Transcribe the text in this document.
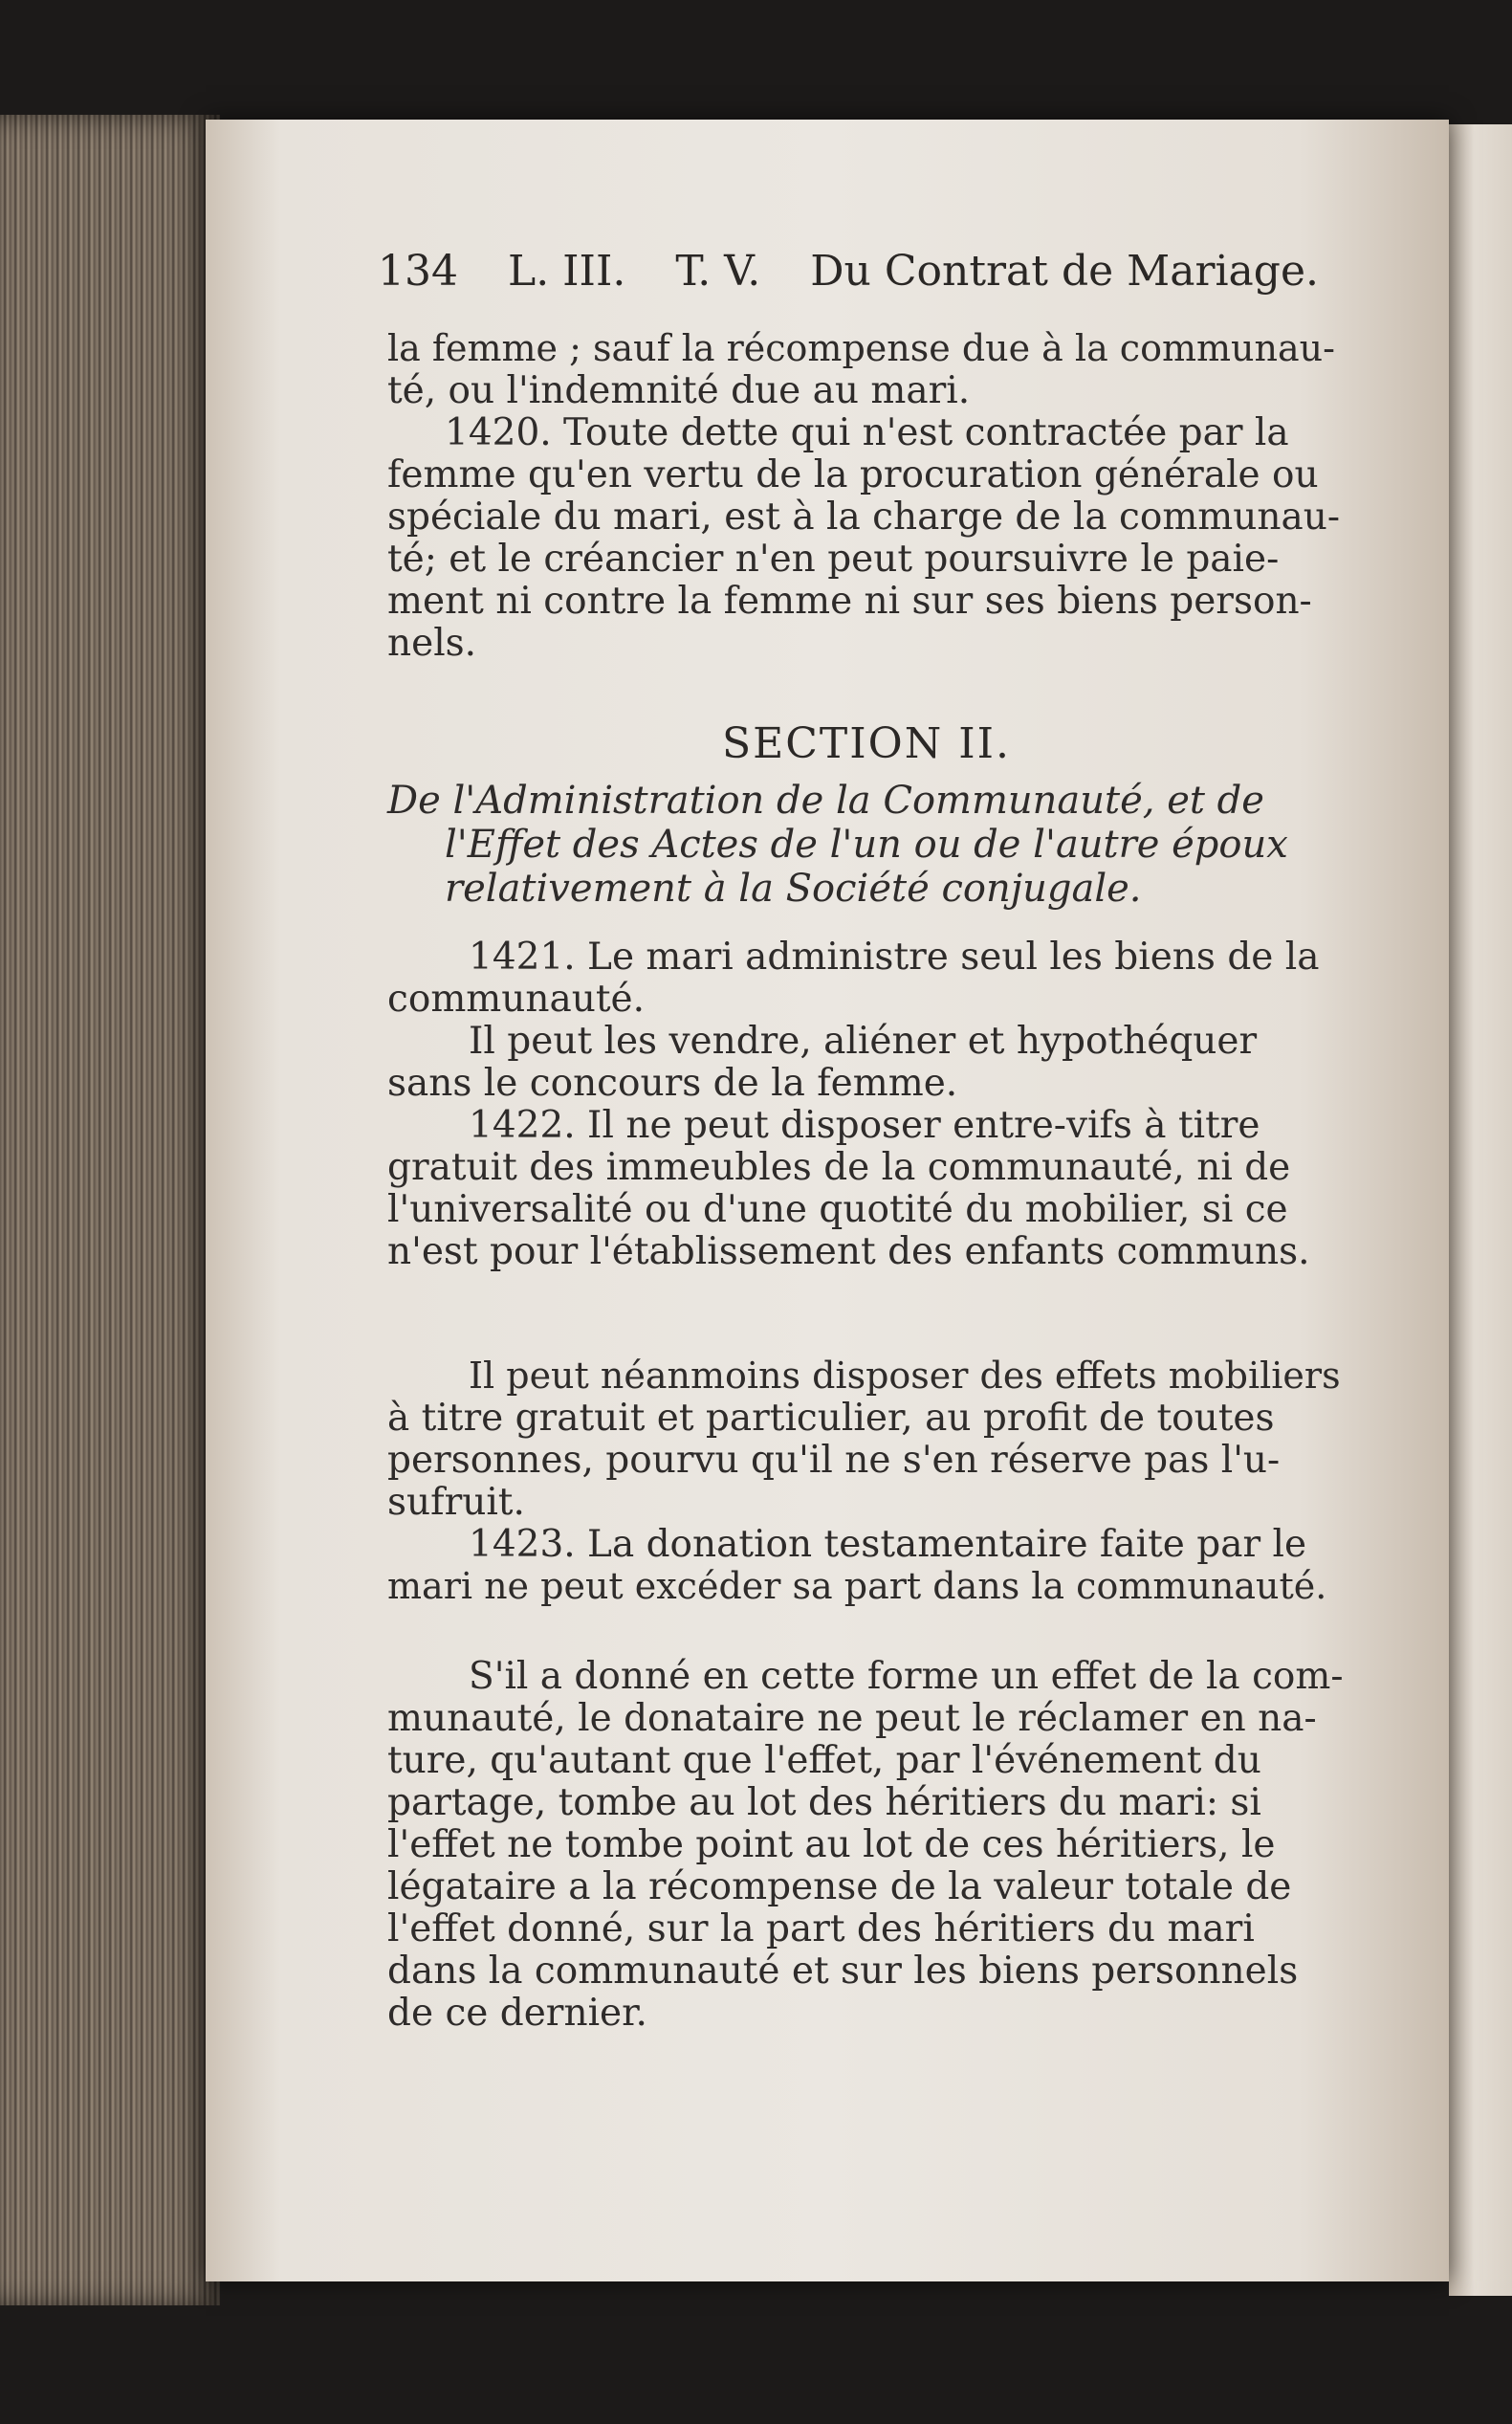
134 L. III. T. V. Du Contrat de Mariage.
la femme ; sauf la récompense due à la communau-
té, ou l'indemnité due au mari.
1420. Toute dette qui n'est contractée par la
femme qu'en vertu de la procuration générale ou
spéciale du mari, est à la charge de la communau-
té; et le créancier n'en peut poursuivre le paie-
ment ni contre la femme ni sur ses biens person-
nels.
SECTION II.
De l'Administration de la Communauté, et de
l'Effet des Actes de l'un ou de l'autre époux
relativement à la Société conjugale.
1421. Le mari administre seul les biens de la
communauté.
Il peut les vendre, aliéner et hypothéquer
sans le concours de la femme.
1422. Il ne peut disposer entre-vifs à titre
gratuit des immeubles de la communauté, ni de
l'universalité ou d'une quotité du mobilier, si ce
n'est pour l'établissement des enfants communs.
Il peut néanmoins disposer des effets mobiliers
à titre gratuit et particulier, au profit de toutes
personnes, pourvu qu'il ne s'en réserve pas l'u-
sufruit.
1423. La donation testamentaire faite par le
mari ne peut excéder sa part dans la communauté.
S'il a donné en cette forme un effet de la com-
munauté, le donataire ne peut le réclamer en na-
ture, qu'autant que l'effet, par l'événement du
partage, tombe au lot des héritiers du mari: si
l'effet ne tombe point au lot de ces héritiers, le
légataire a la récompense de la valeur totale de
l'effet donné, sur la part des héritiers du mari
dans la communauté et sur les biens personnels
de ce dernier.
